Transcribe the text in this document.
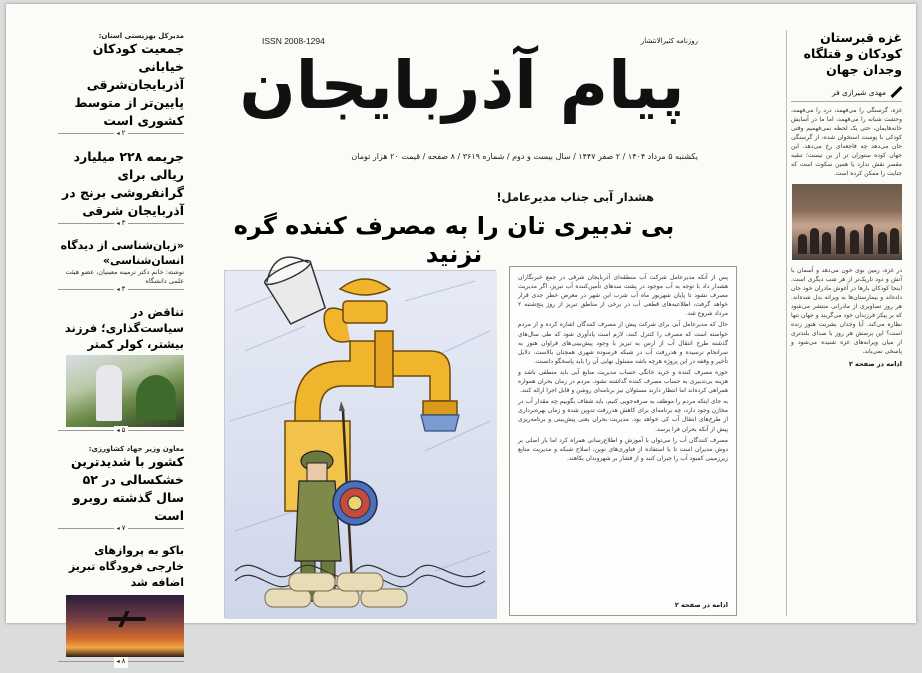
ISSN 2008-1294	روزنامه کثیرالانتشار
پیام آذربایجان
یکشنبه ۵ مرداد ۱۴۰۴ / ۲ صفر ۱۴۴۷ / سال بیست و دوم / شماره ۳۶۱۹ / ۸ صفحه / قیمت ۲۰ هزار تومان
هشدار آبی جناب مدیرعامل!
بی تدبیری تان را به مصرف کننده گره نزنید

پس از آنکه مدیرعامل شرکت آب منطقه‌ای آذربایجان شرقی در جمع خبرنگاران هشدار داد با توجه به آب موجود در پشت سدهای تأمین‌کننده آب تبریز، اگر مدیریت مصرف نشود تا پایان شهریور ماه آب شرب این شهر در معرض خطر جدی قرار خواهد گرفت، اطلاعیه‌های قطعی آب در برخی از مناطق تبریز از روز پنج‌شنبه ۲ مرداد شروع شد.

حال که مدیرعامل آبی برای شرکت پیش از مصرف کنندگان اشاره کرده و از مردم خواسته است که مصرف را کنترل کنند، لازم است یادآوری شود که طی سال‌های گذشته طرح انتقال آب از ارس به تبریز با وجود پیش‌بینی‌های فراوان هنوز به سرانجام نرسیده و هدررفت آب در شبکه فرسوده شهری همچنان بالاست. دلایل تأخیر و وقفه در این پروژه هرچه باشد مسئول نهایی آن را باید پاسخگو دانست.

حوزه مصرف کننده و خرید خانگی حساب مدیریت منابع آبی باید منطقی باشد و هزینه بی‌تدبیری به حساب مصرف کننده گذاشته نشود. مردم در زمان بحران همواره همراهی کرده‌اند اما انتظار دارند مسئولان نیز برنامه‌ای روشن و قابل اجرا ارائه کنند.

به جای اینکه مردم را موظف به صرفه‌جویی کنیم، باید شفاف بگوییم چه مقدار آب در مخازن وجود دارد، چه برنامه‌ای برای کاهش هدررفت تدوین شده و زمان بهره‌برداری از طرح‌های انتقال آب کی خواهد بود. مدیریت بحران یعنی پیش‌بینی و برنامه‌ریزی پیش از آنکه بحران فرا برسد.

مصرف کنندگان آب را می‌توان با آموزش و اطلاع‌رسانی همراه کرد اما بار اصلی بر دوش مدیران است تا با استفاده از فناوری‌های نوین، اصلاح شبکه و مدیریت منابع زیرزمینی کمبود آب را جبران کنند و از فشار بر شهروندان بکاهند.

ادامه در صفحه ۲
غزه قبرستان کودکان و قتلگاه وجدان جهان
مهدی شیرازی فر
غزه، گرسنگی را می‌فهمد، درد را می‌فهمد، وحشت شبانه را می‌فهمد، اما ما در آسایش خانه‌هایمان، حتی یک لحظه نمی‌فهمیم وقتی کودکی با پوست استخوان شده، از گرسنگی جان می‌دهد چه فاجعه‌ای رخ می‌دهد. این جهان کوده ستوزان تر از ین نیست؛ تنقیه مقصر نقش ندارد یا همین سکوت است که جنایت را ممکن کرده است.
در غزه، زمین بوی خون می‌دهد و آسمان با آتش و دود تاریک‌تر از هر شب دیگری است. اینجا کودکان بارها در آغوش مادران خود جان داده‌اند و بیمارستان‌ها به ویرانه بدل شده‌اند. هر روز تصاویری از مادرانی منتشر می‌شود که بر پیکر فرزندان خود می‌گریند و جهان تنها نظاره می‌کند. آیا وجدان بشریت هنوز زنده است؟ این پرسش هر روز با صدای بلندتری از میان ویرانه‌های غزه شنیده می‌شود و پاسخی نمی‌یابد.
ادامه در صفحه ۲
مدیرکل بهزیستی استان:
جمعیت کودکان خیابانی آذربایجان‌شرقی پایین‌تر از متوسط کشوری است
۲ ◂
جریمه ۲۲۸ میلیارد ریالی برای گرانفروشی برنج در آذربایجان شرقی
۳ ◂
«زبان‌شناسی از دیدگاه انسان‌شناسی»
نوشته: خانم دکتر نرمینه معینیان، عضو هیئت علمی دانشگاه
۴ ◂
تناقض در سیاست‌گذاری؛ فرزند بیشتر، کولر کمتر
۵ ◂
معاون وزیر جهاد کشاورزی:
کشور با شدیدترین خشکسالی در ۵۲ سال گذشته روبرو است
۷ ◂
باکو به پروازهای خارجی فرودگاه تبریز اضافه شد
۸ ◂
